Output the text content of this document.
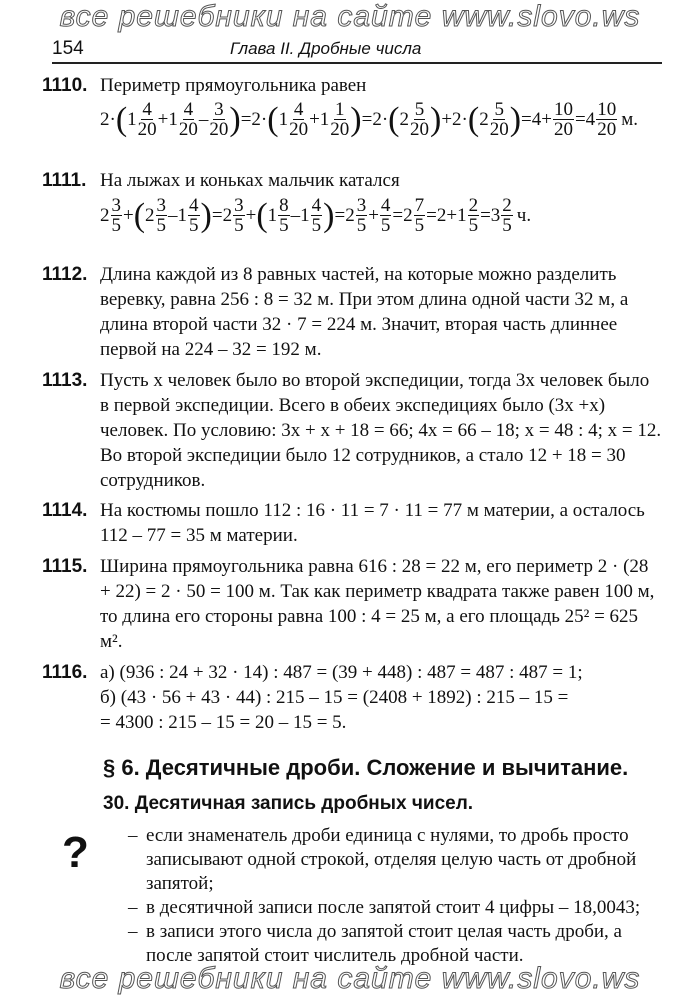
все решебники на сайте www.slovo.ws
154	Глава II. Дробные числа
1110. Периметр прямоугольника равен
2· ( $1 \frac{4}{20} +1 \frac{4}{20} - \frac{3}{20}$ ) =2· ( $1 \frac{4}{20} +1 \frac{1}{20}$ ) =2· ( $2 \frac{5}{20}$ ) +2· ( $2 \frac{5}{20}$ ) $=4+ \frac{10}{20} =4 \frac{10}{20} м$.
1111. На лыжах и коньках мальчик катался
$2 \frac{3}{5}$ + ( $2 \frac{3}{5} - 1 \frac{4}{5}$ ) = $2 \frac{3}{5}$ + ( $1 \frac{8}{5} - 1 \frac{4}{5}$ ) = $2 \frac{3}{5} + \frac{4}{5} = 2 \frac{7}{5} = 2 + 1 \frac{2}{5} = 3 \frac{2}{5} ч$.
1112. Длина каждой из 8 равных частей, на которые можно разделить веревку, равна 256 : 8 = 32 м. При этом длина одной части 32 м, а длина второй части 32 · 7 = 224 м. Значит, вторая часть длиннее первой на 224 – 32 = 192 м.
1113. Пусть x человек было во второй экспедиции, тогда 3x человек было в первой экспедиции. Всего в обеих экспедициях было (3x +x) человек. По условию: 3x + x + 18 = 66; 4x = 66 – 18; x = 48 : 4; x = 12. Во второй экспедиции было 12 сотрудников, а стало 12 + 18 = 30 сотрудников.
1114. На костюмы пошло 112 : 16 · 11 = 7 · 11 = 77 м материи, а осталось 112 – 77 = 35 м материи.
1115. Ширина прямоугольника равна 616 : 28 = 22 м, его периметр 2 · (28 + 22) = 2 · 50 = 100 м. Так как периметр квадрата также равен 100 м, то длина его стороны равна 100 : 4 = 25 м, а его площадь 25² = 625 м².
1116. а) (936 : 24 + 32 · 14) : 487 = (39 + 448) : 487 = 487 : 487 = 1;
б) (43 · 56 + 43 · 44) : 215 – 15 = (2408 + 1892) : 215 – 15 =
= 4300 : 215 – 15 = 20 – 15 = 5.
§ 6. Десятичные дроби. Сложение и вычитание.
30. Десятичная запись дробных чисел.
?
–	если знаменатель дроби единица с нулями, то дробь просто записывают одной строкой, отделяя целую часть от дробной запятой;
– в десятичной записи после запятой стоит 4 цифры – 18,0043;
– в записи этого числа до запятой стоит целая часть дроби, а после запятой стоит числитель дробной части.
все решебники на сайте www.slovo.ws
